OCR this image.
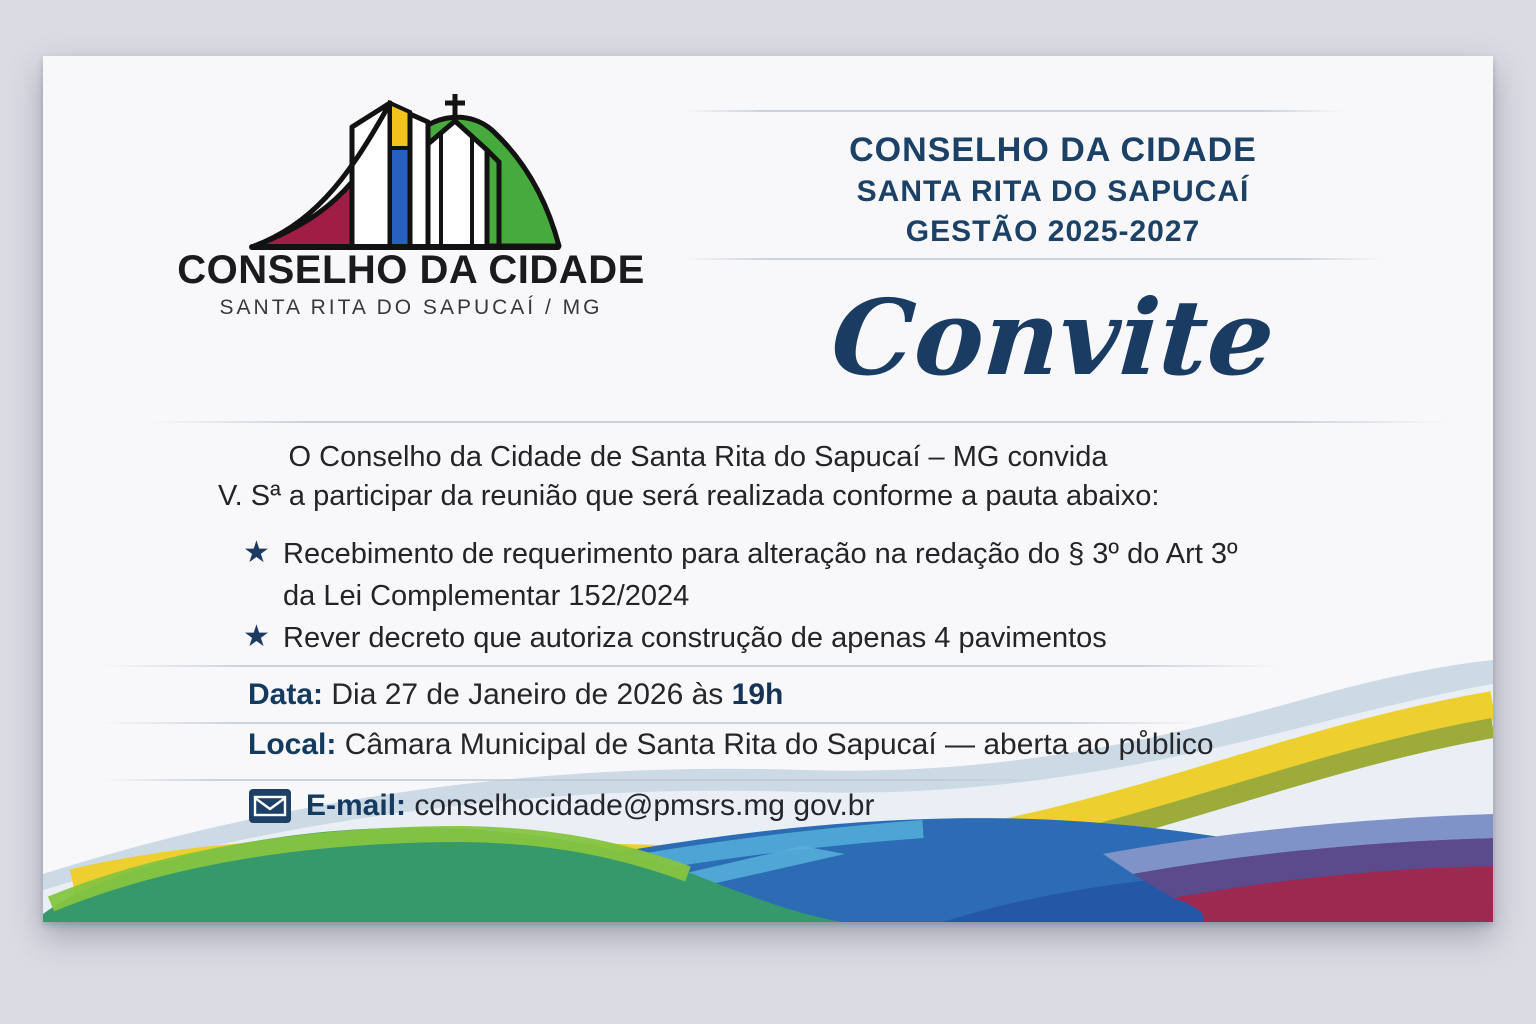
CONSELHO DA CIDADE
SANTA RITA DO SAPUCAÍ / MG
CONSELHO DA CIDADE
SANTA RITA DO SAPUCAÍ
GESTÃO 2025-2027
Convite
O Conselho da Cidade de Santa Rita do Sapucaí – MG convida
V. Sª a participar da reunião que será realizada conforme a pauta abaixo:
★ Recebimento de requerimento para alteração na redação do § 3º do Art 3º
da Lei Complementar 152/2024
★ Rever decreto que autoriza construção de apenas 4 pavimentos
Data: Dia 27 de Janeiro de 2026 às 19h
Local: Câmara Municipal de Santa Rita do Sapucaí — aberta ao půblico
E-mail: conselhocidade@pmsrs.mg gov.br
